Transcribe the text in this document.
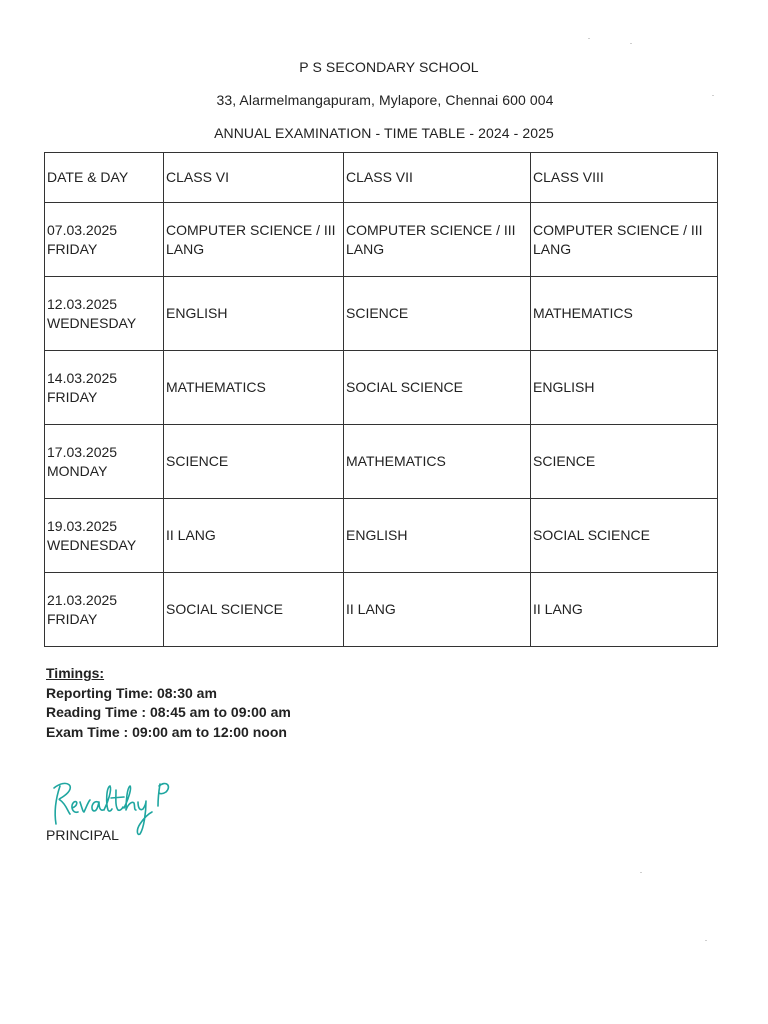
P S SECONDARY SCHOOL
33, Alarmelmangapuram, Mylapore, Chennai 600 004
ANNUAL EXAMINATION - TIME TABLE - 2024 - 2025
DATE & DAY	CLASS VI	CLASS VII	CLASS VIII

07.03.2025
FRIDAY	COMPUTER SCIENCE / III LANG	COMPUTER SCIENCE / III LANG	COMPUTER SCIENCE / III LANG

12.03.2025
WEDNESDAY	ENGLISH	SCIENCE	MATHEMATICS

14.03.2025
FRIDAY	MATHEMATICS	SOCIAL SCIENCE	ENGLISH

17.03.2025
MONDAY	SCIENCE	MATHEMATICS	SCIENCE

19.03.2025
WEDNESDAY	II LANG	ENGLISH	SOCIAL SCIENCE

21.03.2025
FRIDAY	SOCIAL SCIENCE	II LANG	II LANG
Timings:
Reporting Time: 08:30 am
Reading Time : 08:45 am to 09:00 am
Exam Time : 09:00 am to 12:00 noon
PRINCIPAL
